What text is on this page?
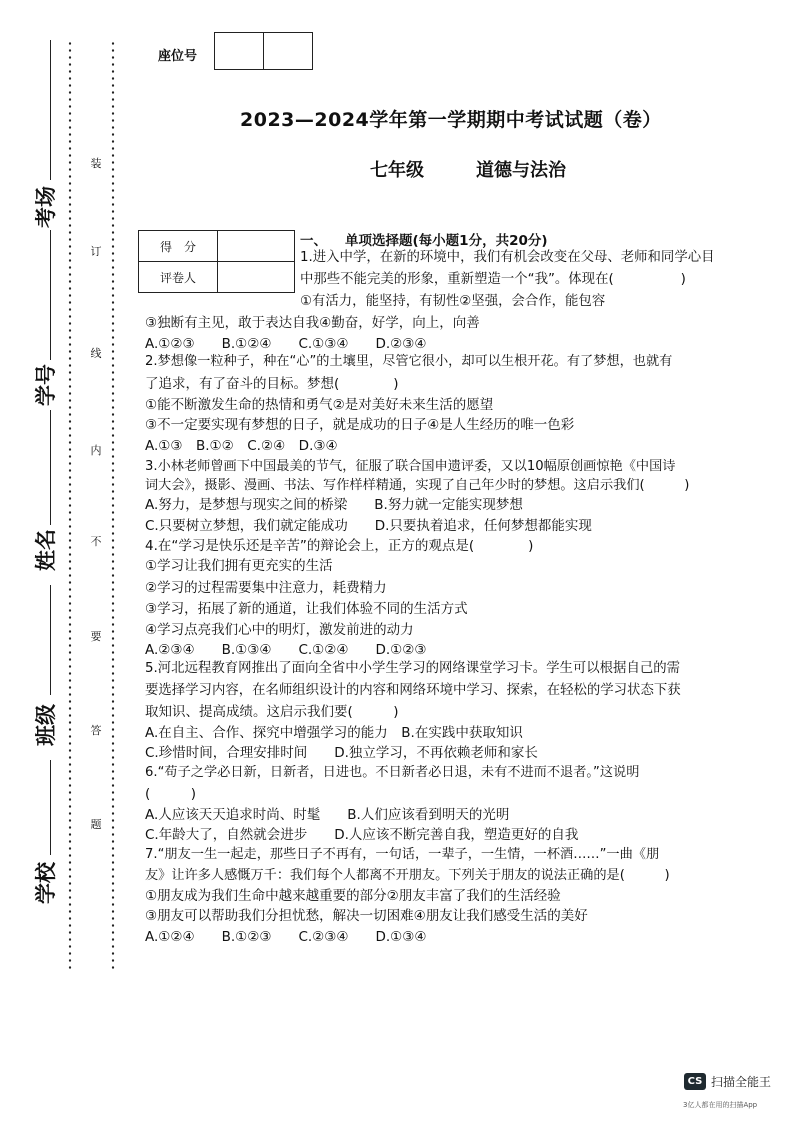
考场
学号
姓名
班级
学校
装
订
线
内
不
要
答
题
座位号
2023—2024学年第一学期期中考试试题（卷）
七年级	道德与法治
得　分	
评卷人	
一、 单项选择题(每小题1分，共20分)
1.进入中学，在新的环境中，我们有机会改变在父母、老师和同学心目
中那些不能完美的形象，重新塑造一个“我”。体现在(　　　　　)
①有活力，能坚持，有韧性②坚强，会合作，能包容
③独断有主见，敢于表达自我④勤奋，好学，向上，向善
A.①②③　　B.①②④　　C.①③④　　D.②③④
2.梦想像一粒种子，种在“心”的土壤里，尽管它很小，却可以生根开花。有了梦想，也就有
了追求，有了奋斗的目标。梦想(　　　　)
①能不断激发生命的热情和勇气②是对美好未来生活的愿望
③不一定要实现有梦想的日子，就是成功的日子④是人生经历的唯一色彩
A.①③　B.①②　C.②④　D.③④
3.小林老师曾画下中国最美的节气，征服了联合国申遗评委，又以10幅原创画惊艳《中国诗
词大会》，摄影、漫画、书法、写作样样精通，实现了自己年少时的梦想。这启示我们(　　　)
A.努力，是梦想与现实之间的桥梁　　B.努力就一定能实现梦想
C.只要树立梦想，我们就定能成功　　D.只要执着追求，任何梦想都能实现
4.在“学习是快乐还是辛苦”的辩论会上，正方的观点是(　　　　)
①学习让我们拥有更充实的生活
②学习的过程需要集中注意力，耗费精力
③学习，拓展了新的通道，让我们体验不同的生活方式
④学习点亮我们心中的明灯，激发前进的动力
A.②③④　　B.①③④　　C.①②④　　D.①②③
5.河北远程教育网推出了面向全省中小学生学习的网络课堂学习卡。学生可以根据自己的需
要选择学习内容，在名师组织设计的内容和网络环境中学习、探索，在轻松的学习状态下获
取知识、提高成绩。这启示我们要(　　　)
A.在自主、合作、探究中增强学习的能力　B.在实践中获取知识
C.珍惜时间，合理安排时间　　D.独立学习，不再依赖老师和家长
6.“苟子之学必日新，日新者，日进也。不日新者必日退，未有不进而不退者。”这说明
(　　　)
A.人应该天天追求时尚、时髦　　B.人们应该看到明天的光明
C.年龄大了，自然就会进步　　D.人应该不断完善自我，塑造更好的自我
7.“朋友一生一起走，那些日子不再有，一句话，一辈子，一生情，一杯酒……”一曲《朋
友》让许多人感慨万千：我们每个人都离不开朋友。下列关于朋友的说法正确的是(　　　)
①朋友成为我们生命中越来越重要的部分②朋友丰富了我们的生活经验
③朋友可以帮助我们分担忧愁，解决一切困难④朋友让我们感受生活的美好
A.①②④　　B.①②③　　C.②③④　　D.①③④
CS 扫描全能王
3亿人都在用的扫描App
